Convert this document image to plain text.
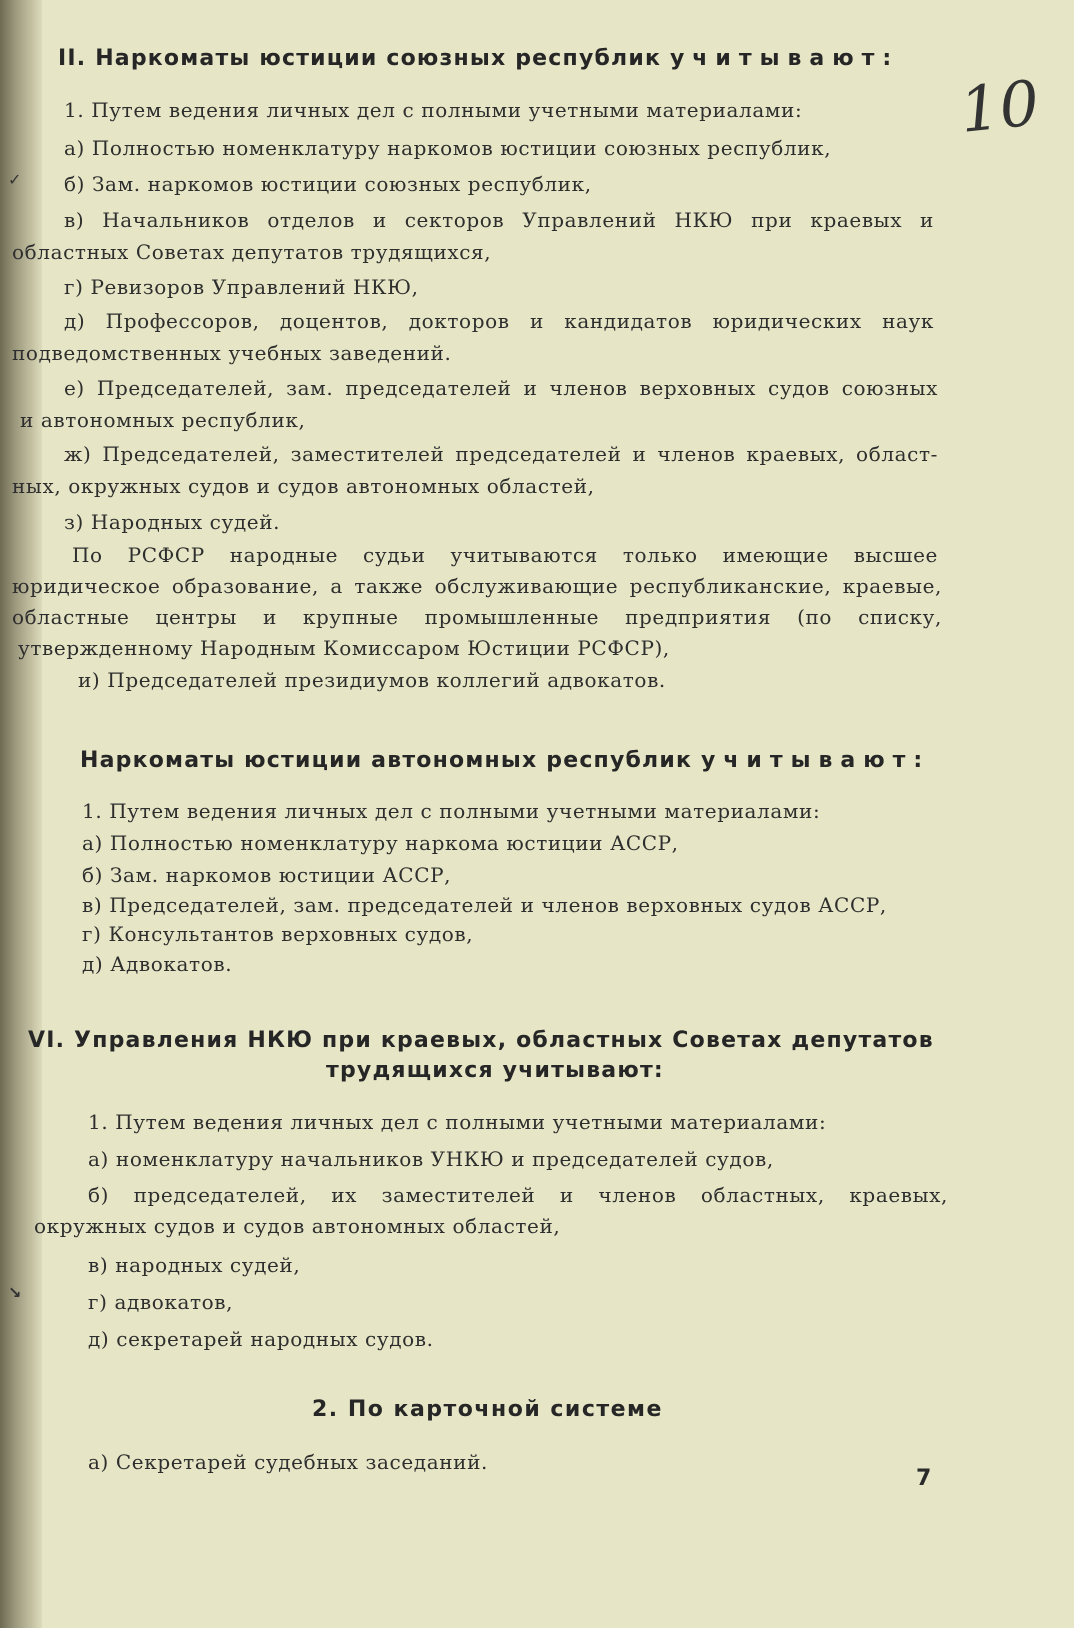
10
II. Наркоматы юстиции союзных республик учитывают:
1. Путем ведения личных дел с полными учетными материалами:
а) Полностью номенклатуру наркомов юстиции союзных республик,
б) Зам. наркомов юстиции союзных республик,
в) Начальников отделов и секторов Управлений НКЮ при краевых и
областных Советах депутатов трудящихся,
г) Ревизоров Управлений НКЮ,
д) Профессоров, доцентов, докторов и кандидатов юридических наук
подведомственных учебных заведений.
е) Председателей, зам. председателей и членов верховных судов союзных
и автономных республик,
ж) Председателей, заместителей председателей и членов краевых, област-
ных, окружных судов и судов автономных областей,
з) Народных судей.
По РСФСР народные судьи учитываются только имеющие высшее
юридическое образование, а также обслуживающие республиканские, краевые,
областные центры и крупные промышленные предприятия (по списку,
утвержденному Народным Комиссаром Юстиции РСФСР),
и) Председателей президиумов коллегий адвокатов.
Наркоматы юстиции автономных республик учитывают:
1. Путем ведения личных дел с полными учетными материалами:
а) Полностью номенклатуру наркома юстиции АССР,
б) Зам. наркомов юстиции АССР,
в) Председателей, зам. председателей и членов верховных судов АССР,
г) Консультантов верховных судов,
д) Адвокатов.
VI. Управления НКЮ при краевых, областных Советах депутатов
трудящихся учитывают:
1. Путем ведения личных дел с полными учетными материалами:
а) номенклатуру начальников УНКЮ и председателей судов,
б) председателей, их заместителей и членов областных, краевых,
окружных судов и судов автономных областей,
в) народных судей,
г) адвокатов,
д) секретарей народных судов.
2. По карточной системе
а) Секретарей судебных заседаний.
7
✓
↘
